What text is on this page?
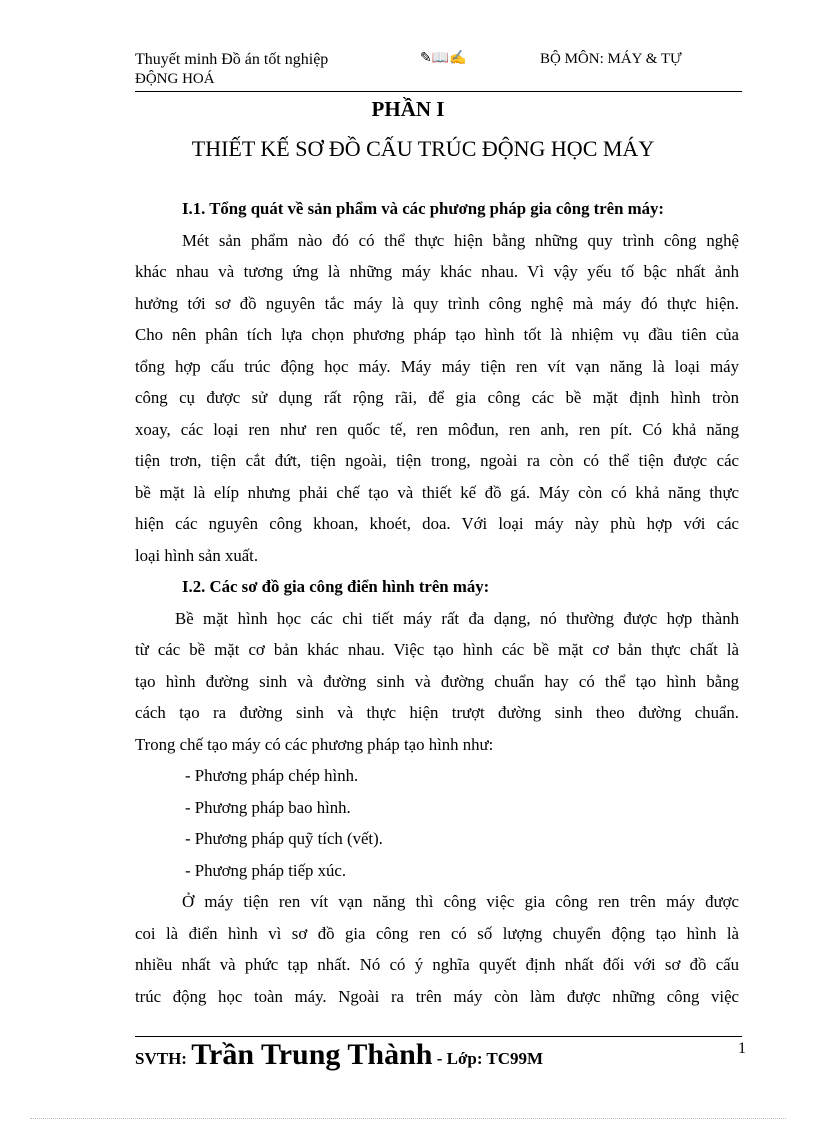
Thuyết minh Đồ án tốt nghiệp	✎📖✍	BỘ MÔN: MÁY & TỰ
ĐỘNG HOÁ
PHẦN I
THIẾT KẾ SƠ ĐỒ CẤU TRÚC ĐỘNG HỌC MÁY
I.1. Tổng quát về sản phẩm và các phương pháp gia công trên máy:
Mét sản phẩm nào đó có thể thực hiện bằng những quy trình công nghệ
khác nhau và tương ứng là những máy khác nhau. Vì vậy yếu tố bậc nhất ảnh
hưởng tới sơ đồ nguyên tắc máy là quy trình công nghệ mà máy đó thực hiện.
Cho nên phân tích lựa chọn phương pháp tạo hình tốt là nhiệm vụ đầu tiên của
tổng hợp cấu trúc động học máy. Máy máy tiện ren vít vạn năng là loại máy
công cụ được sử dụng rất rộng rãi, để gia công các bề mặt định hình tròn
xoay, các loại ren như ren quốc tế, ren môđun, ren anh, ren pít. Có khả năng
tiện trơn, tiện cắt đứt, tiện ngoài, tiện trong, ngoài ra còn có thể tiện được các
bề mặt là elíp nhưng phải chế tạo và thiết kế đồ gá. Máy còn có khả năng thực
hiện các nguyên công khoan, khoét, doa. Với loại máy này phù hợp với các
loại hình sản xuất.
I.2. Các sơ đồ gia công điển hình trên máy:
Bề mặt hình học các chi tiết máy rất đa dạng, nó thường được hợp thành
từ các bề mặt cơ bản khác nhau. Việc tạo hình các bề mặt cơ bản thực chất là
tạo hình đường sinh và đường sinh và đường chuẩn hay có thể tạo hình bằng
cách tạo ra đường sinh và thực hiện trượt đường sinh theo đường chuẩn.
Trong chế tạo máy có các phương pháp tạo hình như:
- Phương pháp chép hình.
- Phương pháp bao hình.
- Phương pháp quỹ tích (vết).
- Phương pháp tiếp xúc.
Ở máy tiện ren vít vạn năng thì công việc gia công ren trên máy được
coi là điển hình vì sơ đồ gia công ren có số lượng chuyển động tạo hình là
nhiều nhất và phức tạp nhất. Nó có ý nghĩa quyết định nhất đối với sơ đồ cấu
trúc động học toàn máy. Ngoài ra trên máy còn làm được những công việc
SVTH: Trần Trung Thành - Lớp: TC99M
1
